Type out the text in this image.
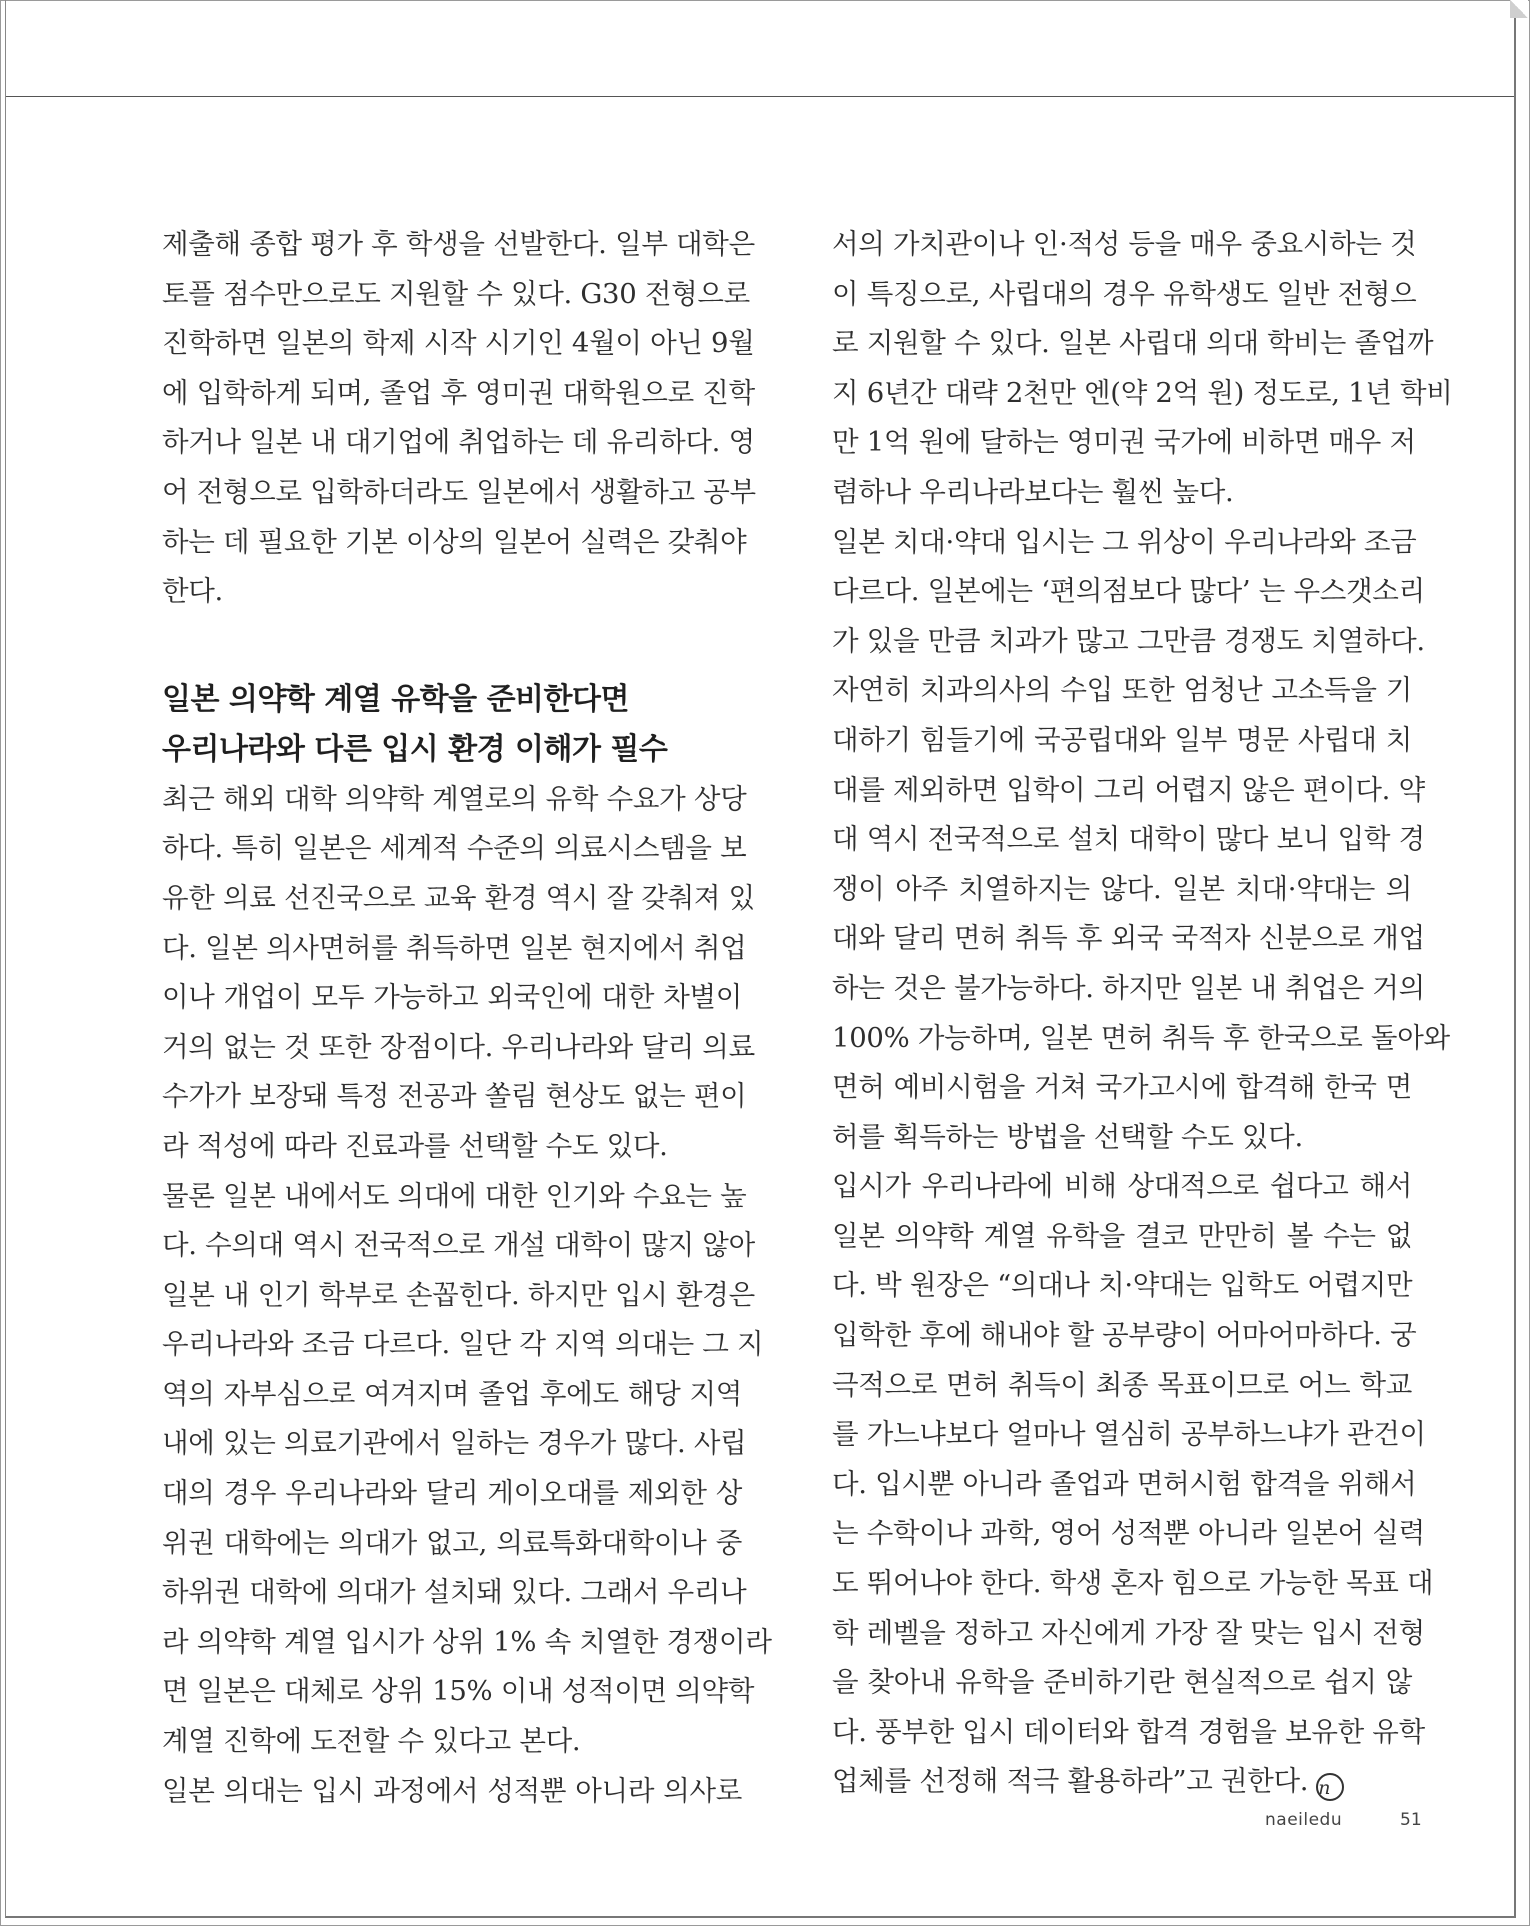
제출해 종합 평가 후 학생을 선발한다. 일부 대학은
토플 점수만으로도 지원할 수 있다. G30 전형으로
진학하면 일본의 학제 시작 시기인 4월이 아닌 9월
에 입학하게 되며, 졸업 후 영미권 대학원으로 진학
하거나 일본 내 대기업에 취업하는 데 유리하다. 영
어 전형으로 입학하더라도 일본에서 생활하고 공부
하는 데 필요한 기본 이상의 일본어 실력은 갖춰야
한다.
일본 의약학 계열 유학을 준비한다면
우리나라와 다른 입시 환경 이해가 필수
최근 해외 대학 의약학 계열로의 유학 수요가 상당
하다. 특히 일본은 세계적 수준의 의료시스템을 보
유한 의료 선진국으로 교육 환경 역시 잘 갖춰져 있
다. 일본 의사면허를 취득하면 일본 현지에서 취업
이나 개업이 모두 가능하고 외국인에 대한 차별이
거의 없는 것 또한 장점이다. 우리나라와 달리 의료
수가가 보장돼 특정 전공과 쏠림 현상도 없는 편이
라 적성에 따라 진료과를 선택할 수도 있다.
물론 일본 내에서도 의대에 대한 인기와 수요는 높
다. 수의대 역시 전국적으로 개설 대학이 많지 않아
일본 내 인기 학부로 손꼽힌다. 하지만 입시 환경은
우리나라와 조금 다르다. 일단 각 지역 의대는 그 지
역의 자부심으로 여겨지며 졸업 후에도 해당 지역
내에 있는 의료기관에서 일하는 경우가 많다. 사립
대의 경우 우리나라와 달리 게이오대를 제외한 상
위권 대학에는 의대가 없고, 의료특화대학이나 중
하위권 대학에 의대가 설치돼 있다. 그래서 우리나
라 의약학 계열 입시가 상위 1% 속 치열한 경쟁이라
면 일본은 대체로 상위 15% 이내 성적이면 의약학
계열 진학에 도전할 수 있다고 본다.
일본 의대는 입시 과정에서 성적뿐 아니라 의사로
서의 가치관이나 인·적성 등을 매우 중요시하는 것
이 특징으로, 사립대의 경우 유학생도 일반 전형으
로 지원할 수 있다. 일본 사립대 의대 학비는 졸업까
지 6년간 대략 2천만 엔(약 2억 원) 정도로, 1년 학비
만 1억 원에 달하는 영미권 국가에 비하면 매우 저
렴하나 우리나라보다는 훨씬 높다.
일본 치대·약대 입시는 그 위상이 우리나라와 조금
다르다. 일본에는 ‘편의점보다 많다’ 는 우스갯소리
가 있을 만큼 치과가 많고 그만큼 경쟁도 치열하다.
자연히 치과의사의 수입 또한 엄청난 고소득을 기
대하기 힘들기에 국공립대와 일부 명문 사립대 치
대를 제외하면 입학이 그리 어렵지 않은 편이다. 약
대 역시 전국적으로 설치 대학이 많다 보니 입학 경
쟁이 아주 치열하지는 않다. 일본 치대·약대는 의
대와 달리 면허 취득 후 외국 국적자 신분으로 개업
하는 것은 불가능하다. 하지만 일본 내 취업은 거의
100% 가능하며, 일본 면허 취득 후 한국으로 돌아와
면허 예비시험을 거쳐 국가고시에 합격해 한국 면
허를 획득하는 방법을 선택할 수도 있다.
입시가 우리나라에 비해 상대적으로 쉽다고 해서
일본 의약학 계열 유학을 결코 만만히 볼 수는 없
다. 박 원장은 “의대나 치·약대는 입학도 어렵지만
입학한 후에 해내야 할 공부량이 어마어마하다. 궁
극적으로 면허 취득이 최종 목표이므로 어느 학교
를 가느냐보다 얼마나 열심히 공부하느냐가 관건이
다. 입시뿐 아니라 졸업과 면허시험 합격을 위해서
는 수학이나 과학, 영어 성적뿐 아니라 일본어 실력
도 뛰어나야 한다. 학생 혼자 힘으로 가능한 목표 대
학 레벨을 정하고 자신에게 가장 잘 맞는 입시 전형
을 찾아내 유학을 준비하기란 현실적으로 쉽지 않
다. 풍부한 입시 데이터와 합격 경험을 보유한 유학
업체를 선정해 적극 활용하라”고 권한다. n
naeiledu	51
